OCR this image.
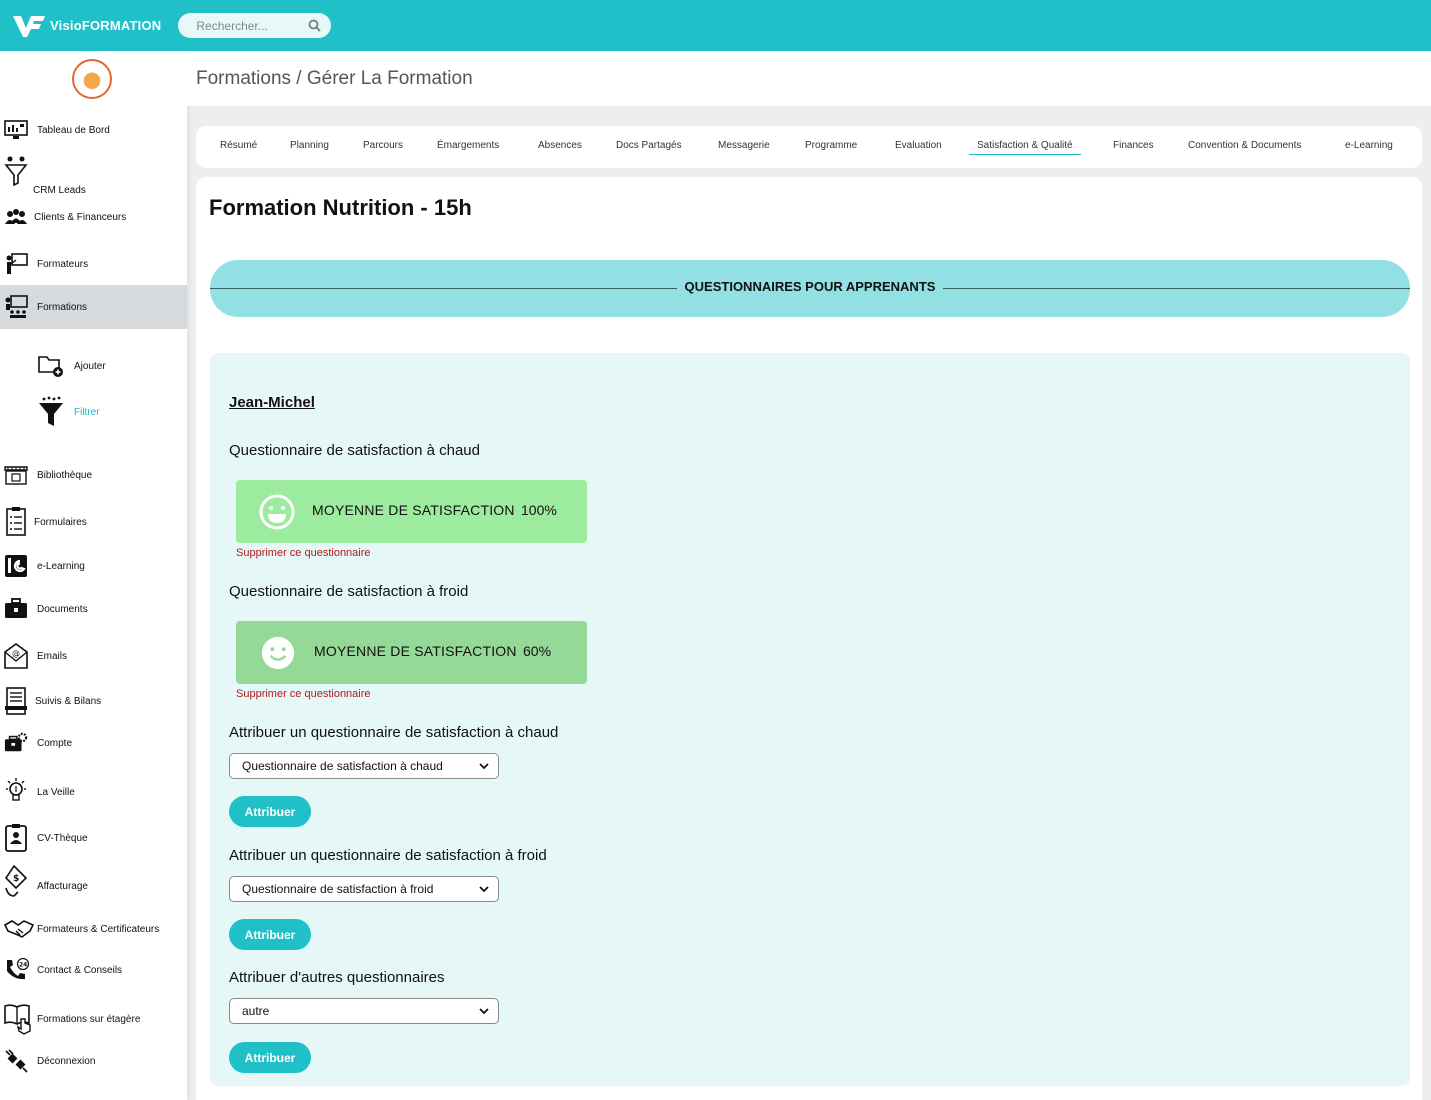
VisioFORMATION	Rechercher...
Tableau de Bord
CRM Leads
Clients & Financeurs
Formateurs
Formations
Ajouter
Filtrer
Bibliothèque
Formulaires
e-Learning
Documents
@ Emails
Suivis & Bilans
Compte
La Veille
CV-Thèque
$
Affacturage
Formateurs & Certificateurs
24 Contact & Conseils
Formations sur étagère
Déconnexion
Formations / Gérer La Formation
Résumé	Planning	Parcours	Émargements	Absences	Docs Partagés	Messagerie	Programme	Evaluation	Satisfaction & Qualité	Finances	Convention & Documents	e-Learning
Formation Nutrition - 15h
QUESTIONNAIRES POUR APPRENANTS
Jean-Michel
Questionnaire de satisfaction à chaud
MOYENNE DE SATISFACTION 100%
Supprimer ce questionnaire
Questionnaire de satisfaction à froid
MOYENNE DE SATISFACTION 60%
Supprimer ce questionnaire
Attribuer un questionnaire de satisfaction à chaud
Questionnaire de satisfaction à chaud
Attribuer
Attribuer un questionnaire de satisfaction à froid
Questionnaire de satisfaction à froid
Attribuer
Attribuer d'autres questionnaires
autre
Attribuer
